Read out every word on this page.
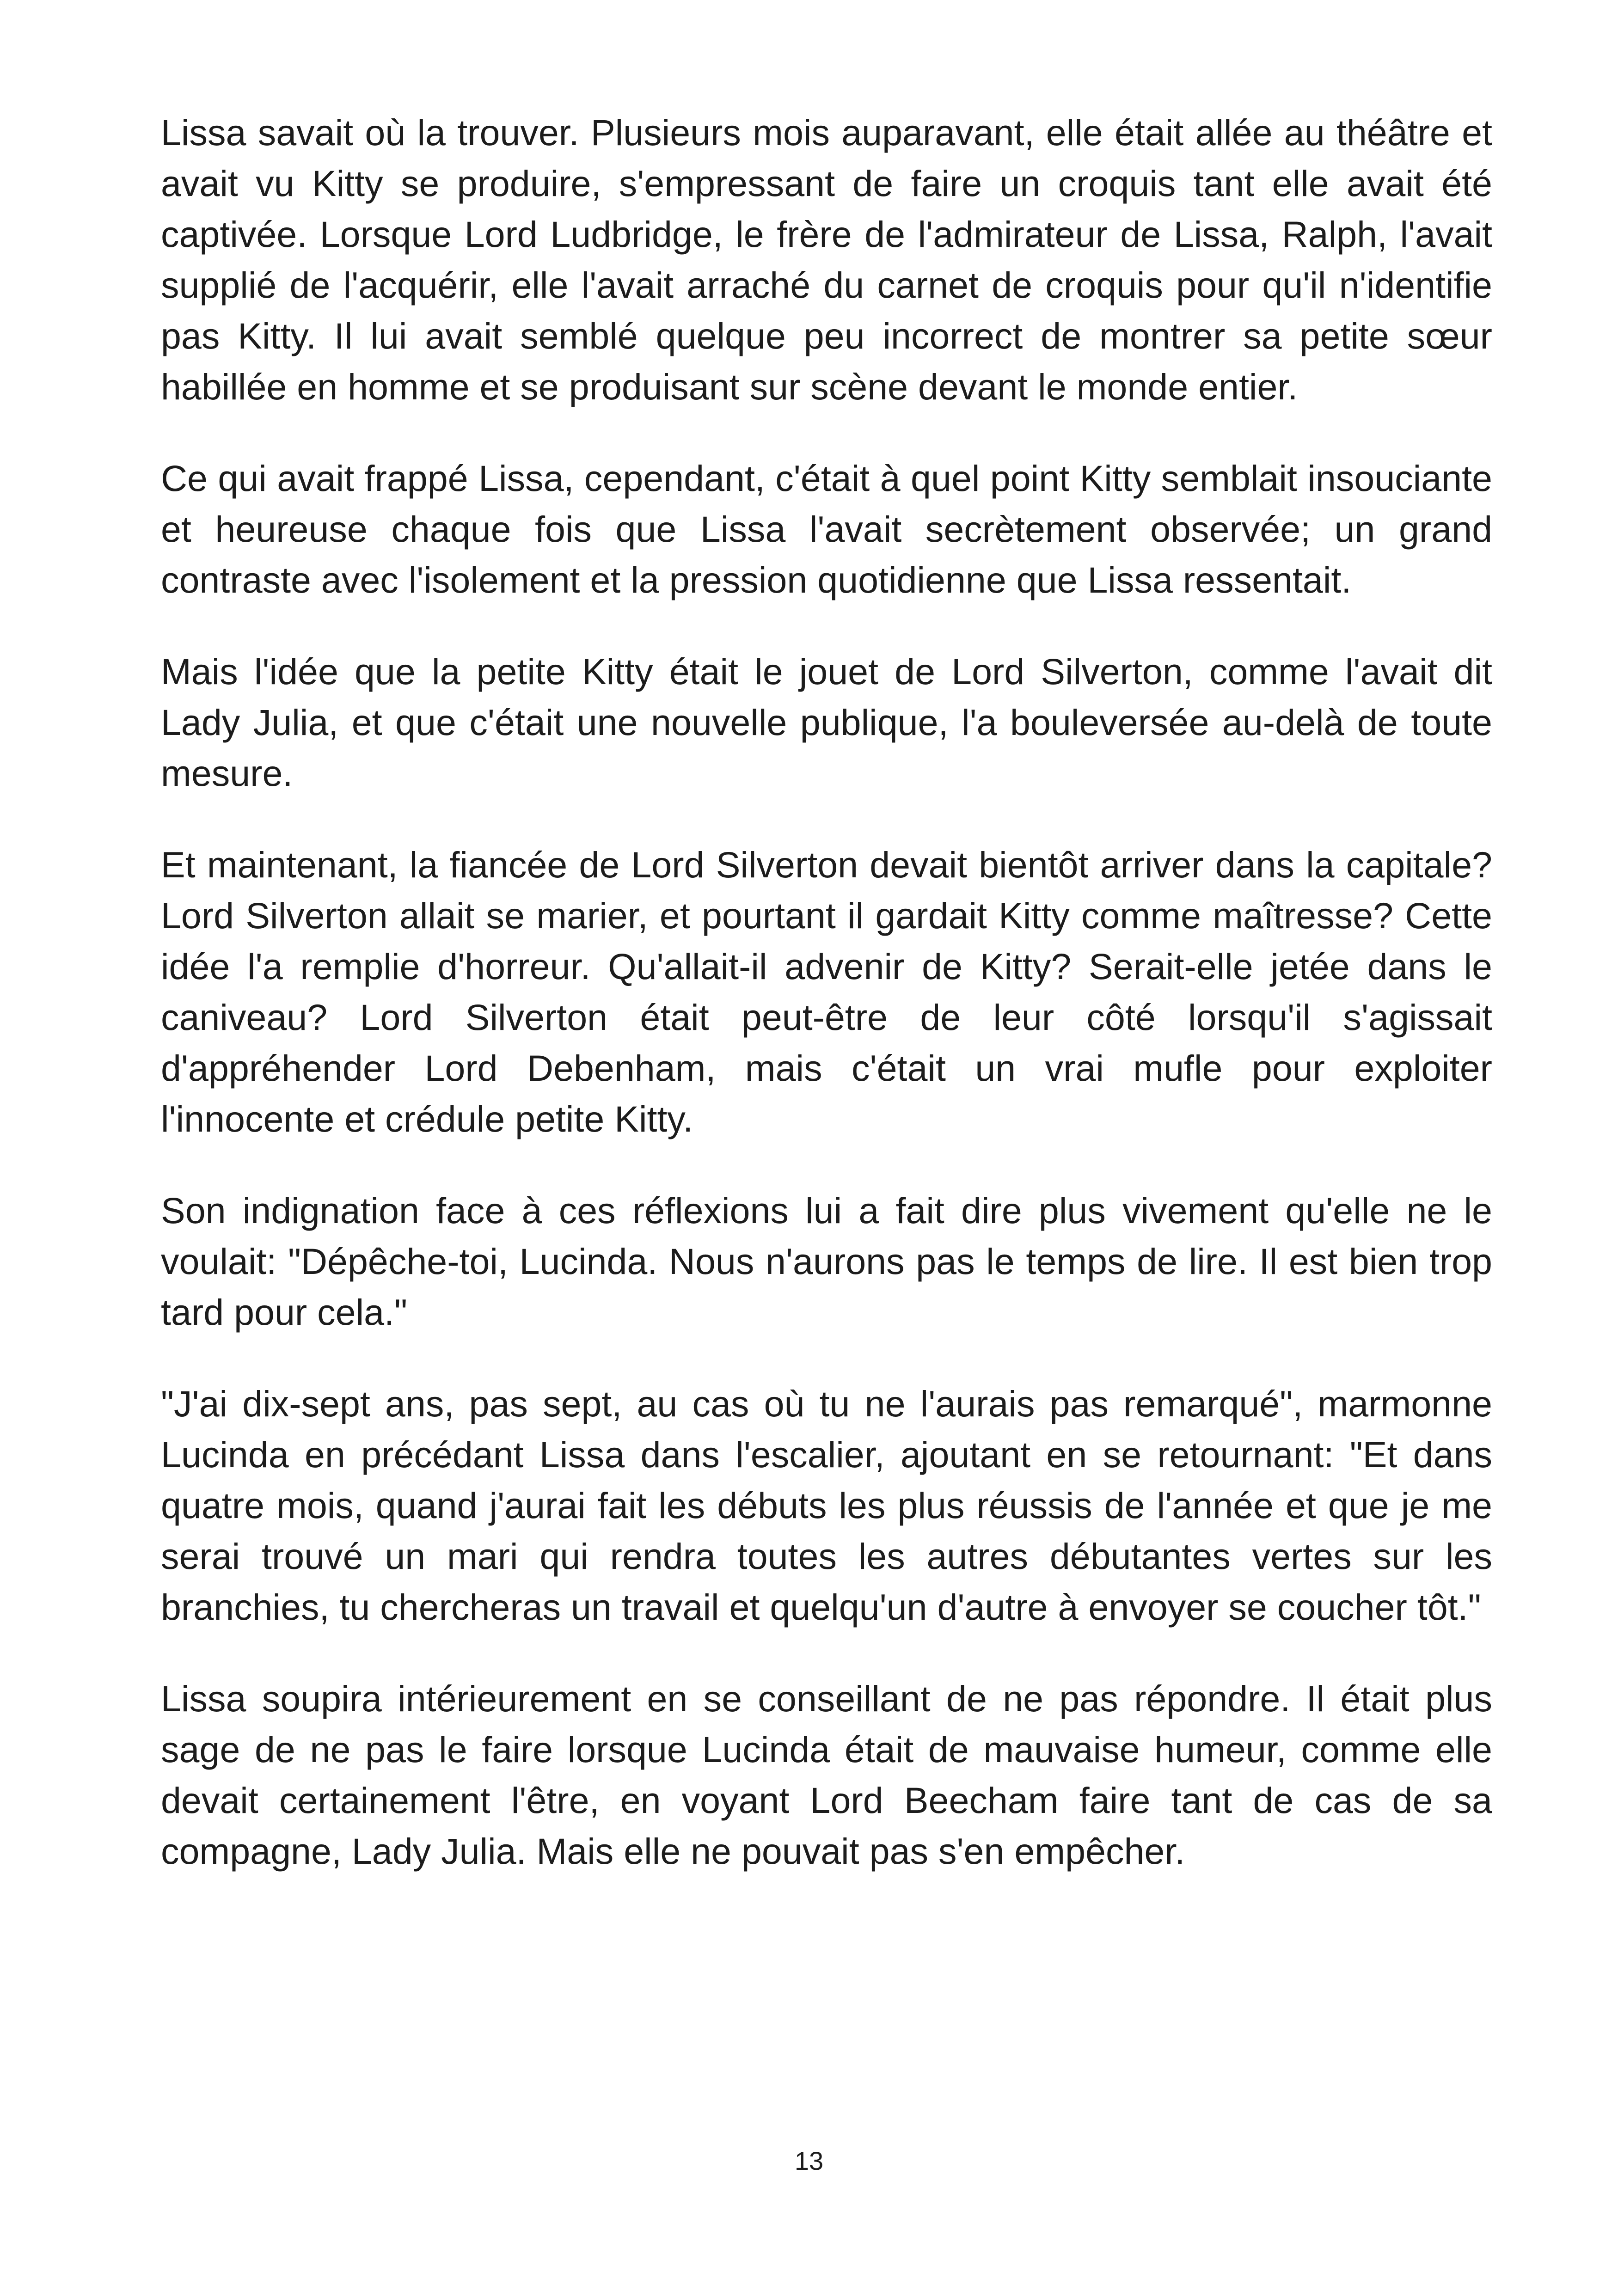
Lissa savait où la trouver. Plusieurs mois auparavant, elle était allée au théâtre et avait vu Kitty se produire, s'empressant de faire un croquis tant elle avait été captivée. Lorsque Lord Ludbridge, le frère de l'admirateur de Lissa, Ralph, l'avait supplié de l'acquérir, elle l'avait arraché du carnet de croquis pour qu'il n'identifie pas Kitty. Il lui avait semblé quelque peu incorrect de montrer sa petite sœur habillée en homme et se produisant sur scène devant le monde entier.

Ce qui avait frappé Lissa, cependant, c'était à quel point Kitty semblait insouciante et heureuse chaque fois que Lissa l'avait secrètement observée; un grand contraste avec l'isolement et la pression quotidienne que Lissa ressentait.

Mais l'idée que la petite Kitty était le jouet de Lord Silverton, comme l'avait dit Lady Julia, et que c'était une nouvelle publique, l'a bouleversée au-delà de toute mesure.

Et maintenant, la fiancée de Lord Silverton devait bientôt arriver dans la capitale? Lord Silverton allait se marier, et pourtant il gardait Kitty comme maîtresse? Cette idée l'a remplie d'horreur. Qu'allait-il advenir de Kitty? Serait-elle jetée dans le caniveau? Lord Silverton était peut-être de leur côté lorsqu'il s'agissait d'appréhender Lord Debenham, mais c'était un vrai mufle pour exploiter l'innocente et crédule petite Kitty.

Son indignation face à ces réflexions lui a fait dire plus vivement qu'elle ne le voulait: "Dépêche-toi, Lucinda. Nous n'aurons pas le temps de lire. Il est bien trop tard pour cela."

"J'ai dix-sept ans, pas sept, au cas où tu ne l'aurais pas remarqué", marmonne Lucinda en précédant Lissa dans l'escalier, ajoutant en se retournant: "Et dans quatre mois, quand j'aurai fait les débuts les plus réussis de l'année et que je me serai trouvé un mari qui rendra toutes les autres débutantes vertes sur les branchies, tu chercheras un travail et quelqu'un d'autre à envoyer se coucher tôt."

Lissa soupira intérieurement en se conseillant de ne pas répondre. Il était plus sage de ne pas le faire lorsque Lucinda était de mauvaise humeur, comme elle devait certainement l'être, en voyant Lord Beecham faire tant de cas de sa compagne, Lady Julia. Mais elle ne pouvait pas s'en empêcher.

13
